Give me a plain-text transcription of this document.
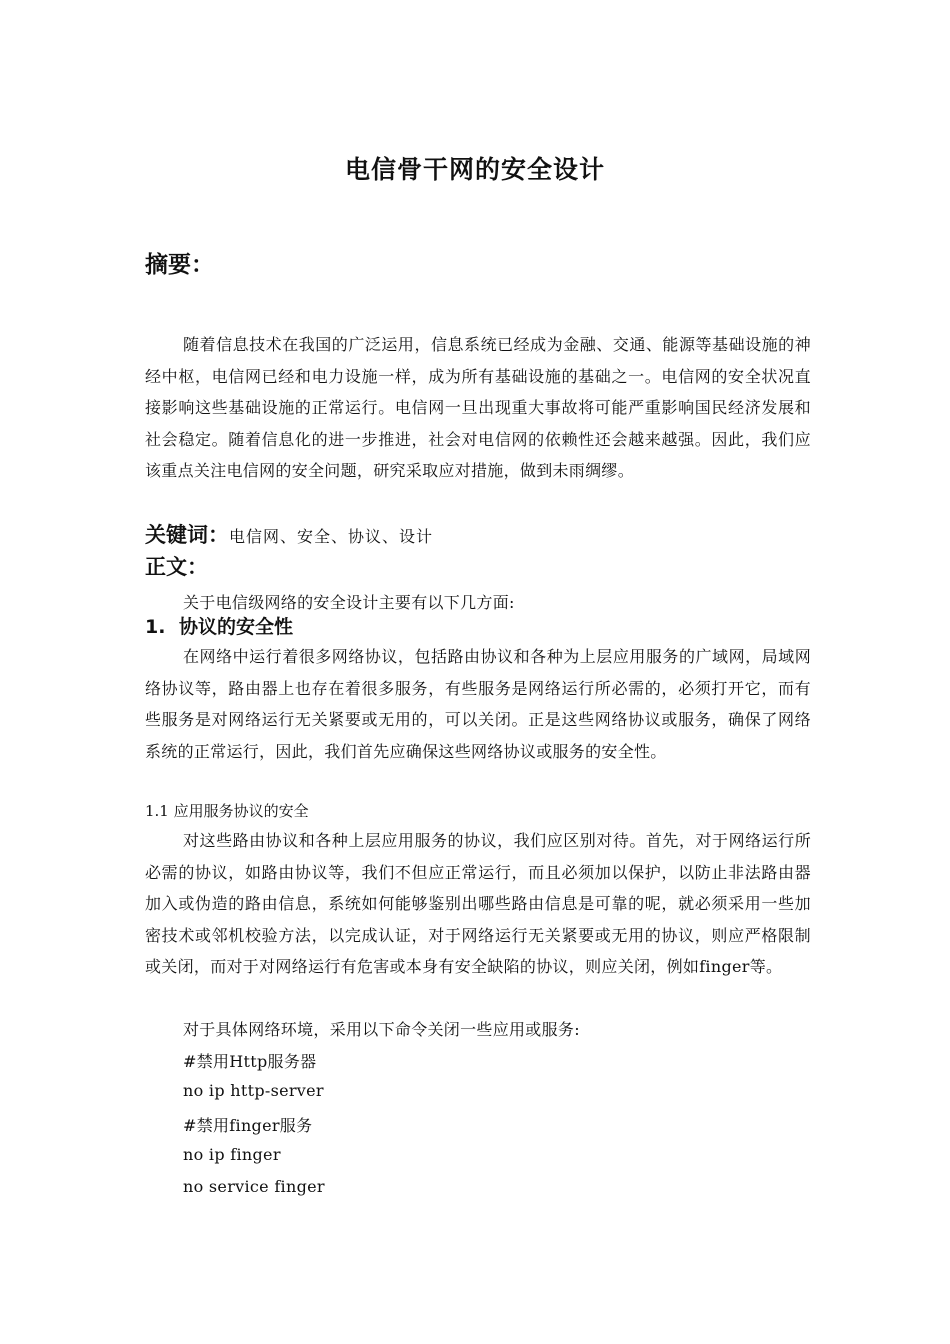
电信骨干网的安全设计
摘要：
随着信息技术在我国的广泛运用，信息系统已经成为金融、交通、能源等基础设施的神经中枢，电信网已经和电力设施一样，成为所有基础设施的基础之一。电信网的安全状况直接影响这些基础设施的正常运行。电信网一旦出现重大事故将可能严重影响国民经济发展和社会稳定。随着信息化的进一步推进，社会对电信网的依赖性还会越来越强。因此，我们应该重点关注电信网的安全问题，研究采取应对措施，做到未雨绸缪。
关键词：电信网、安全、协议、设计
正文：
关于电信级网络的安全设计主要有以下几方面:
1. 协议的安全性
在网络中运行着很多网络协议，包括路由协议和各种为上层应用服务的广域网，局域网络协议等，路由器上也存在着很多服务，有些服务是网络运行所必需的，必须打开它，而有些服务是对网络运行无关紧要或无用的，可以关闭。正是这些网络协议或服务，确保了网络系统的正常运行，因此，我们首先应确保这些网络协议或服务的安全性。
1.1 应用服务协议的安全
对这些路由协议和各种上层应用服务的协议，我们应区别对待。首先，对于网络运行所必需的协议，如路由协议等，我们不但应正常运行，而且必须加以保护，以防止非法路由器加入或伪造的路由信息，系统如何能够鉴别出哪些路由信息是可靠的呢，就必须采用一些加密技术或邻机校验方法，以完成认证，对于网络运行无关紧要或无用的协议，则应严格限制或关闭，而对于对网络运行有危害或本身有安全缺陷的协议，则应关闭，例如finger等。
对于具体网络环境，采用以下命令关闭一些应用或服务:
#禁用Http服务器
no ip http-server
#禁用finger服务
no ip finger
no service finger
